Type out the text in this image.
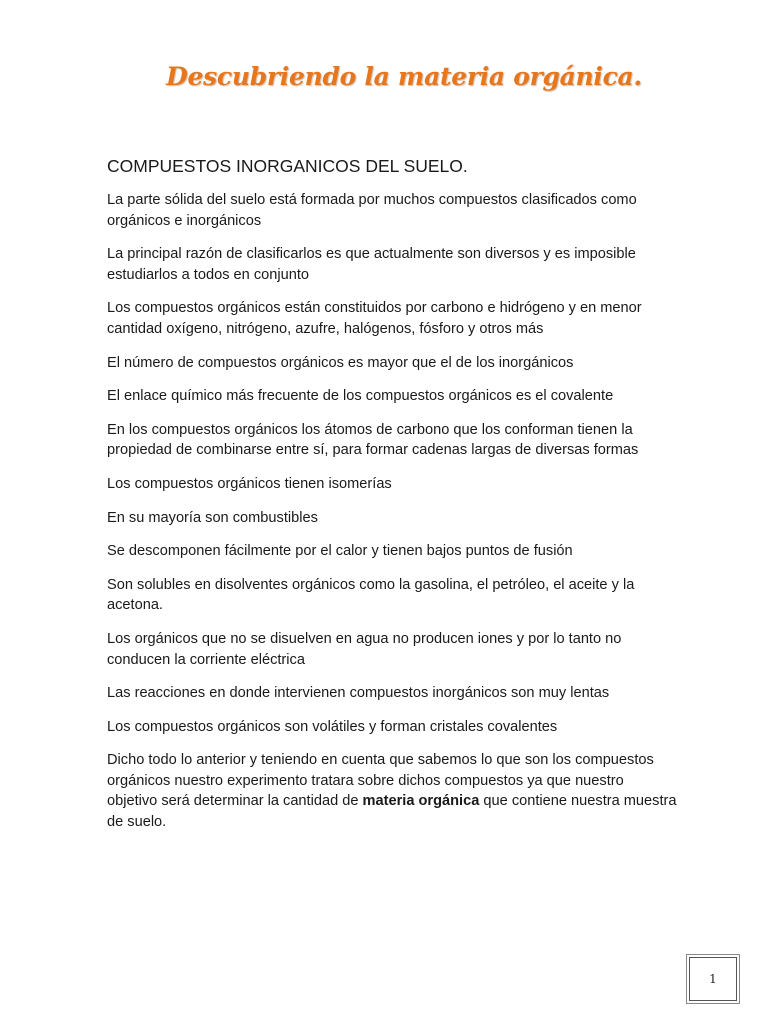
Descubriendo la materia orgánica.
COMPUESTOS INORGANICOS DEL SUELO.

La parte sólida del suelo está formada por muchos compuestos clasificados como orgánicos e inorgánicos

La principal razón de clasificarlos es que actualmente son diversos y es imposible estudiarlos a todos en conjunto

Los compuestos orgánicos están constituidos por carbono e hidrógeno y en menor cantidad oxígeno, nitrógeno, azufre, halógenos, fósforo y otros más

El número de compuestos orgánicos es mayor que el de los inorgánicos

El enlace químico más frecuente de los compuestos orgánicos es el covalente

En los compuestos orgánicos los átomos de carbono que los conforman tienen la propiedad de combinarse entre sí, para formar cadenas largas de diversas formas

Los compuestos orgánicos tienen isomerías

En su mayoría son combustibles

Se descomponen fácilmente por el calor y tienen bajos puntos de fusión

Son solubles en disolventes orgánicos como la gasolina, el petróleo, el aceite y la acetona.

Los orgánicos que no se disuelven en agua no producen iones y por lo tanto no conducen la corriente eléctrica

Las reacciones en donde intervienen compuestos inorgánicos son muy lentas

Los compuestos orgánicos son volátiles y forman cristales covalentes

Dicho todo lo anterior y teniendo en cuenta que sabemos lo que son los compuestos orgánicos nuestro experimento tratara sobre dichos compuestos ya que nuestro objetivo será determinar la cantidad de materia orgánica que contiene nuestra muestra de suelo.

1
